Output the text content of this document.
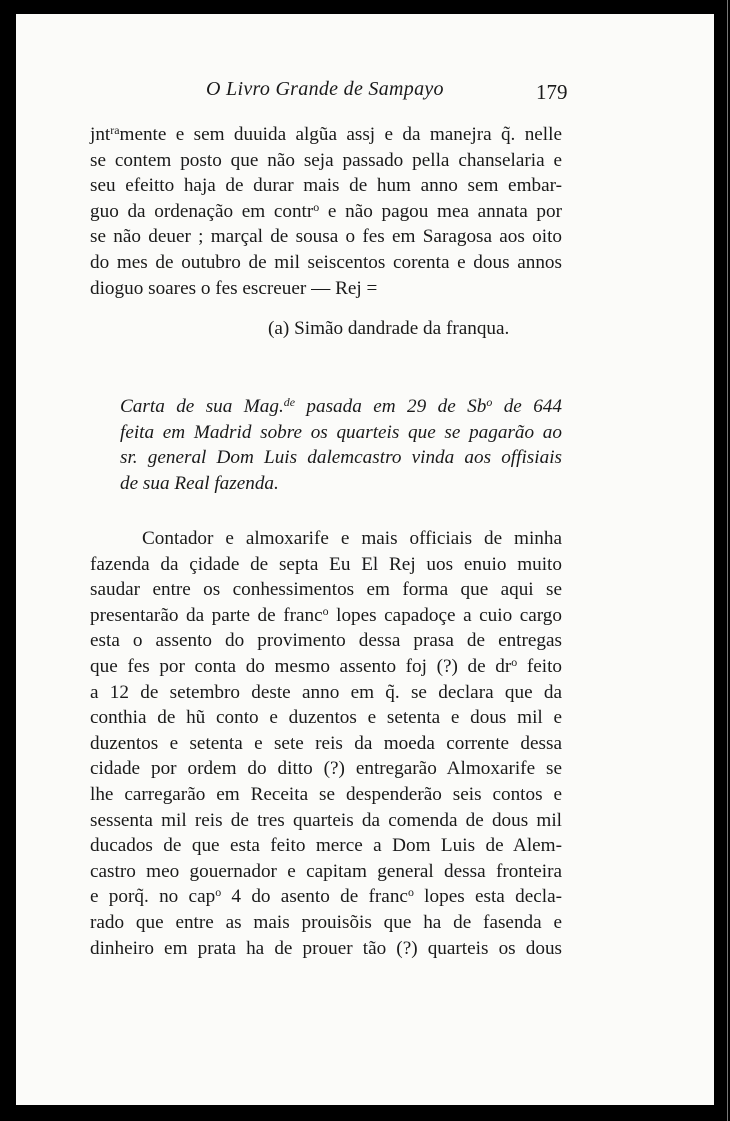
O Livro Grande de Sampayo	179
jnt$^{ra}$mente e sem duuida algũa assj e da manejra q̃. nelle
se contem posto que não seja passado pella chanselaria e
seu efeitto haja de durar mais de hum anno sem embar-
guo da ordenação em contr$^o$ e não pagou mea annata por
se não deuer ; marçal de sousa o fes em Saragosa aos oito
do mes de outubro de mil seiscentos corenta e dous annos
dioguo soares o fes escreuer — Rej =
(a) Simão dandrade da franqua.
Carta de sua Mag.$^{de}$ pasada em 29 de Sb$^o$ de 644
feita em Madrid sobre os quarteis que se pagarão ao
sr. general Dom Luis dalemcastro vinda aos offisiais
de sua Real fazenda.
Contador e almoxarife e mais officiais de minha
fazenda da çidade de septa Eu El Rej uos enuio muito
saudar entre os conhessimentos em forma que aqui se
presentarão da parte de franc$^o$ lopes capadoçe a cuio cargo
esta o assento do provimento dessa prasa de entregas
que fes por conta do mesmo assento foj (?) de $dr^o$ feito
a 12 de setembro deste anno em q̃. se declara que da
conthia de hũ conto e duzentos e setenta e dous mil e
duzentos e setenta e sete reis da moeda corrente dessa
cidade por ordem do ditto (?) entregarão Almoxarife se
lhe carregarão em Receita se despenderão seis contos e
sessenta mil reis de tres quarteis da comenda de dous mil
ducados de que esta feito merce a Dom Luis de Alem-
castro meo gouernador e capitam general dessa fronteira
e porq̃. no cap$^o$ 4 do asento de franc$^o$ lopes esta decla-
rado que entre as mais prouisõis que ha de fasenda e
dinheiro em prata ha de prouer tão (?) quarteis os dous
